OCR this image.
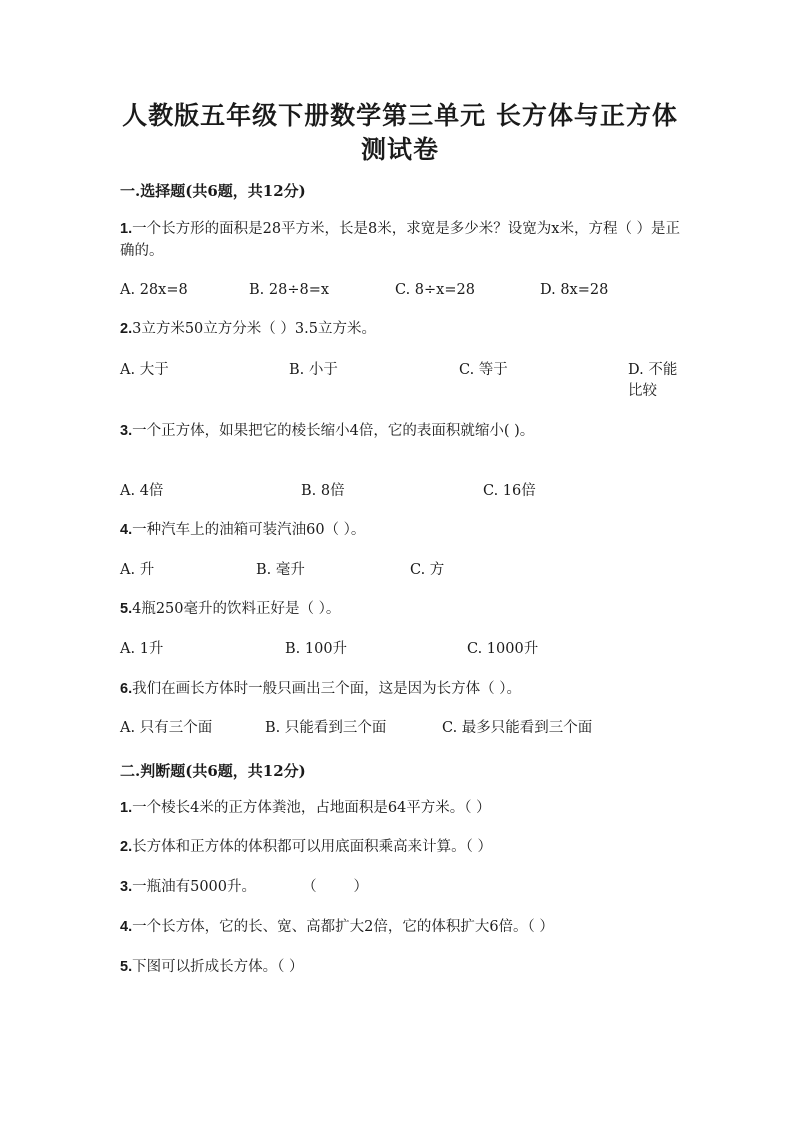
人教版五年级下册数学第三单元 长方体与正方体
测试卷
一.选择题(共6题，共12分)

1.一个长方形的面积是28平方米，长是8米，求宽是多少米？设宽为x米，方程（ ）是正确的。

A. 28x=8	B. 28÷8=x	C. 8÷x=28	D. 8x=28

2.3立方米50立方分米（ ）3.5立方米。

A. 大于	B. 小于	C. 等于	D. 不能比较

3.一个正方体，如果把它的棱长缩小4倍，它的表面积就缩小( )。

A. 4倍	B. 8倍	C. 16倍

4.一种汽车上的油箱可装汽油60（ ）。

A. 升	B. 毫升	C. 方

5.4瓶250毫升的饮料正好是（ ）。

A. 1升	B. 100升	C. 1000升

6.我们在画长方体时一般只画出三个面，这是因为长方体（ ）。

A. 只有三个面	B. 只能看到三个面	C. 最多只能看到三个面

二.判断题(共6题，共12分)

1.一个棱长4米的正方体粪池，占地面积是64平方米。（ ）

2.长方体和正方体的体积都可以用底面积乘高来计算。（ ）

3.一瓶油有5000升。          （        ）

4.一个长方体，它的长、宽、高都扩大2倍，它的体积扩大6倍。（ ）

5.下图可以折成长方体。（ ）
